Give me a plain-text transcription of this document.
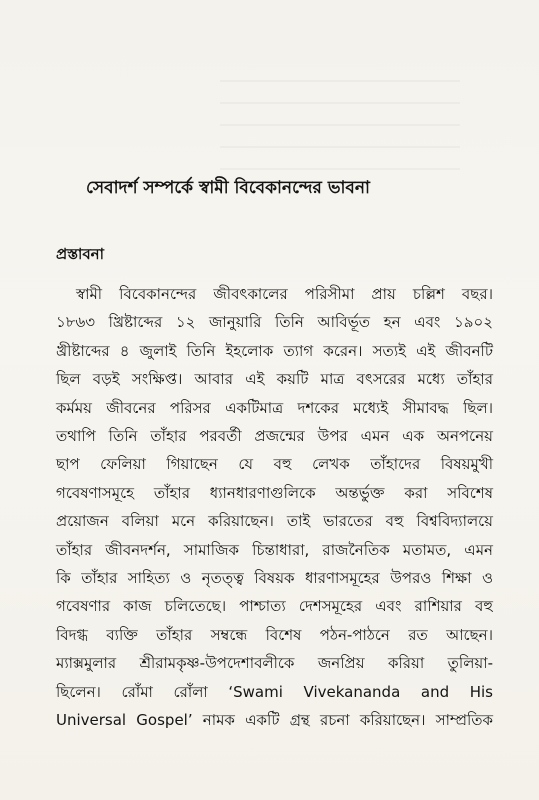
সেবাদর্শ সম্পর্কে স্বামী বিবেকানন্দের ভাবনা
প্রস্তাবনা

স্বামী বিবেকানন্দের জীবৎকালের পরিসীমা প্রায় চল্লিশ বছর।
১৮৬৩ খ্রিষ্টাব্দের ১২ জানুয়ারি তিনি আবির্ভূত হন এবং ১৯০২
খ্রীষ্টাব্দের ৪ জুলাই তিনি ইহলোক ত্যাগ করেন। সত্যই এই জীবনটি
ছিল বড়ই সংক্ষিপ্ত। আবার এই কয়টি মাত্র বৎসরের মধ্যে তাঁহার
কর্মময় জীবনের পরিসর একটিমাত্র দশকের মধ্যেই সীমাবদ্ধ ছিল।
তথাপি তিনি তাঁহার পরবর্তী প্রজন্মের উপর এমন এক অনপনেয়
ছাপ ফেলিয়া গিয়াছেন যে বহু লেখক তাঁহাদের বিষয়মুখী
গবেষণাসমূহে তাঁহার ধ্যানধারণাগুলিকে অন্তর্ভুক্ত করা সবিশেষ
প্রয়োজন বলিয়া মনে করিয়াছেন। তাই ভারতের বহু বিশ্ববিদ্যালয়ে
তাঁহার জীবনদর্শন, সামাজিক চিন্তাধারা, রাজনৈতিক মতামত, এমন
কি তাঁহার সাহিত্য ও নৃতত্ত্ব বিষয়ক ধারণাসমূহের উপরও শিক্ষা ও
গবেষণার কাজ চলিতেছে। পাশ্চাত্য দেশসমূহের এবং রাশিয়ার বহু
বিদগ্ধ ব্যক্তি তাঁহার সম্বন্ধে বিশেষ পঠন-পাঠনে রত আছেন।
ম্যাক্সমুলার শ্রীরামকৃষ্ণ-উপদেশাবলীকে জনপ্রিয় করিয়া তুলিয়া-
ছিলেন। রোঁমা রোঁলা ‘Swami Vivekananda and His
Universal Gospel’ নামক একটি গ্রন্থ রচনা করিয়াছেন। সাম্প্রতিক
